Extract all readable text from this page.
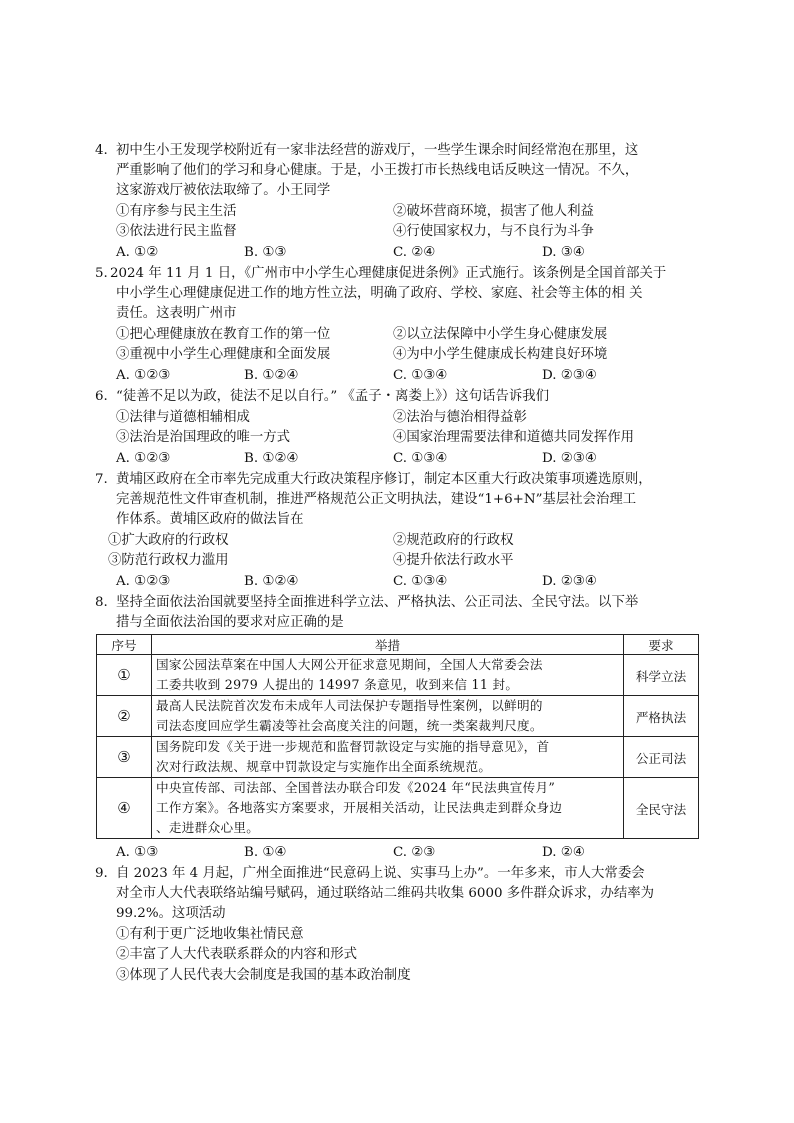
4. 初中生小王发现学校附近有一家非法经营的游戏厅，一些学生课余时间经常泡在那里，这
严重影响了他们的学习和身心健康。于是，小王拨打市长热线电话反映这一情况。不久，
这家游戏厅被依法取缔了。小王同学
①有序参与民主生活	②破坏营商环境，损害了他人利益
③依法进行民主监督	④行使国家权力，与不良行为斗争
A. ①②	B. ①③	C. ②④	D. ③④
5. 2024 年 11 月 1 日，《广州市中小学生心理健康促进条例》正式施行。该条例是全国首部关于
中小学生心理健康促进工作的地方性立法，明确了政府、学校、家庭、社会等主体的相 关
责任。这表明广州市
①把心理健康放在教育工作的第一位	②以立法保障中小学生身心健康发展
③重视中小学生心理健康和全面发展	④为中小学生健康成长构建良好环境
A. ①②③	B. ①②④	C. ①③④	D. ②③④
6. “徒善不足以为政，徒法不足以自行。” 《孟子・离娄上》）这句话告诉我们
①法律与道德相辅相成	②法治与德治相得益彰
③法治是治国理政的唯一方式	④国家治理需要法律和道德共同发挥作用
A. ①②③	B. ①②④	C. ①③④	D. ②③④
7. 黄埔区政府在全市率先完成重大行政决策程序修订，制定本区重大行政决策事项遴选原则，
完善规范性文件审查机制，推进严格规范公正文明执法，建设“1+6+N”基层社会治理工
作体系。黄埔区政府的做法旨在
①扩大政府的行政权	②规范政府的行政权
③防范行政权力滥用	④提升依法行政水平
A. ①②③	B. ①②④	C. ①③④	D. ②③④
8. 坚持全面依法治国就要坚持全面推进科学立法、严格执法、公正司法、全民守法。以下举
措与全面依法治国的要求对应正确的是
序号	举措	要求
①	国家公园法草案在中国人大网公开征求意见期间，全国人大常委会法
工委共收到 2979 人提出的 14997 条意见，收到来信 11 封。	科学立法
②	最高人民法院首次发布未成年人司法保护专题指导性案例，以鲜明的
司法态度回应学生霸凌等社会高度关注的问题，统一类案裁判尺度。	严格执法
③	国务院印发《关于进一步规范和监督罚款设定与实施的指导意见》，首
次对行政法规、规章中罚款设定与实施作出全面系统规范。	公正司法
④	中央宣传部、司法部、全国普法办联合印发《2024 年“民法典宣传月”
工作方案》。各地落实方案要求，开展相关活动，让民法典走到群众身边
、走进群众心里。	全民守法
A. ①③	B. ①④	C. ②③	D. ②④
9. 自 2023 年 4 月起，广州全面推进“民意码上说、实事马上办”。一年多来，市人大常委会
对全市人大代表联络站编号赋码，通过联络站二维码共收集 6000 多件群众诉求，办结率为
99.2%。这项活动
①有利于更广泛地收集社情民意
②丰富了人大代表联系群众的内容和形式
③体现了人民代表大会制度是我国的基本政治制度
